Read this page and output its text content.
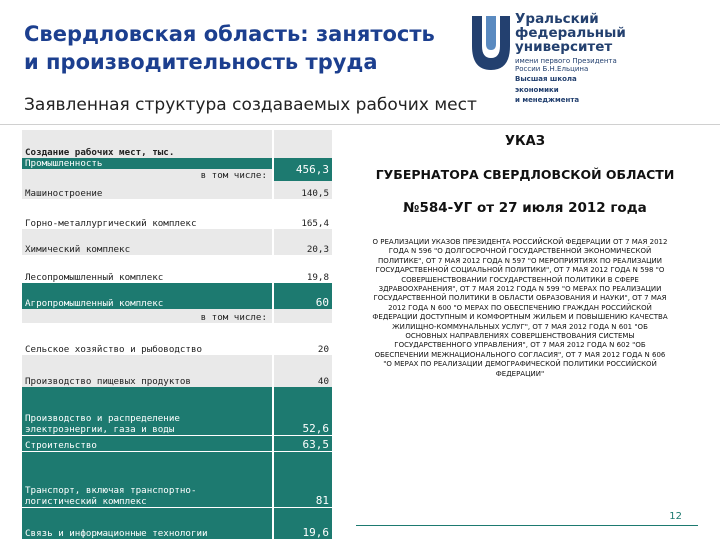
Свердловская область: занятость и производительность труда
Заявленная структура создаваемых рабочих мест
Уральский
федеральный
университет
имени первого Президента России Б.Н.Ельцина
Высшая школа
экономики
и менеджмента
Создание рабочих мест, тыс.	
Промышленность	456,3

в том числе:	

Машиностроение	140,5
Горно-металлургический комплекс	165,4
Химический комплекс	20,3
Лесопромышленный комплекс	19,8
Агропромышленный комплекс	60

в том числе:	

Сельское хозяйство и рыбоводство	20
Производство пищевых продуктов	40
Производство и распределение электроэнергии, газа и воды	52,6
Строительство	63,5
Транспорт, включая транспортно-логистический комплекс	81
Связь и информационные технологии	19,6
УКАЗ
ГУБЕРНАТОРА СВЕРДЛОВСКОЙ ОБЛАСТИ
№584-УГ от 27 июля 2012 года
О РЕАЛИЗАЦИИ УКАЗОВ ПРЕЗИДЕНТА РОССИЙСКОЙ ФЕДЕРАЦИИ ОТ 7 МАЯ 2012 ГОДА N 596 "О ДОЛГОСРОЧНОЙ ГОСУДАРСТВЕННОЙ ЭКОНОМИЧЕСКОЙ ПОЛИТИКЕ", ОТ 7 МАЯ 2012 ГОДА N 597 "О МЕРОПРИЯТИЯХ ПО РЕАЛИЗАЦИИ ГОСУДАРСТВЕННОЙ СОЦИАЛЬНОЙ ПОЛИТИКИ", ОТ 7 МАЯ 2012 ГОДА N 598 "О СОВЕРШЕНСТВОВАНИИ ГОСУДАРСТВЕННОЙ ПОЛИТИКИ В СФЕРЕ ЗДРАВООХРАНЕНИЯ", ОТ 7 МАЯ 2012 ГОДА N 599 "О МЕРАХ ПО РЕАЛИЗАЦИИ ГОСУДАРСТВЕННОЙ ПОЛИТИКИ В ОБЛАСТИ ОБРАЗОВАНИЯ И НАУКИ", ОТ 7 МАЯ 2012 ГОДА N 600 "О МЕРАХ ПО ОБЕСПЕЧЕНИЮ ГРАЖДАН РОССИЙСКОЙ ФЕДЕРАЦИИ ДОСТУПНЫМ И КОМФОРТНЫМ ЖИЛЬЕМ И ПОВЫШЕНИЮ КАЧЕСТВА ЖИЛИЩНО-КОММУНАЛЬНЫХ УСЛУГ", ОТ 7 МАЯ 2012 ГОДА N 601 "ОБ ОСНОВНЫХ НАПРАВЛЕНИЯХ СОВЕРШЕНСТВОВАНИЯ СИСТЕМЫ ГОСУДАРСТВЕННОГО УПРАВЛЕНИЯ", ОТ 7 МАЯ 2012 ГОДА N 602 "ОБ ОБЕСПЕЧЕНИИ МЕЖНАЦИОНАЛЬНОГО СОГЛАСИЯ", ОТ 7 МАЯ 2012 ГОДА N 606 "О МЕРАХ ПО РЕАЛИЗАЦИИ ДЕМОГРАФИЧЕСКОЙ ПОЛИТИКИ РОССИЙСКОЙ ФЕДЕРАЦИИ"
12
